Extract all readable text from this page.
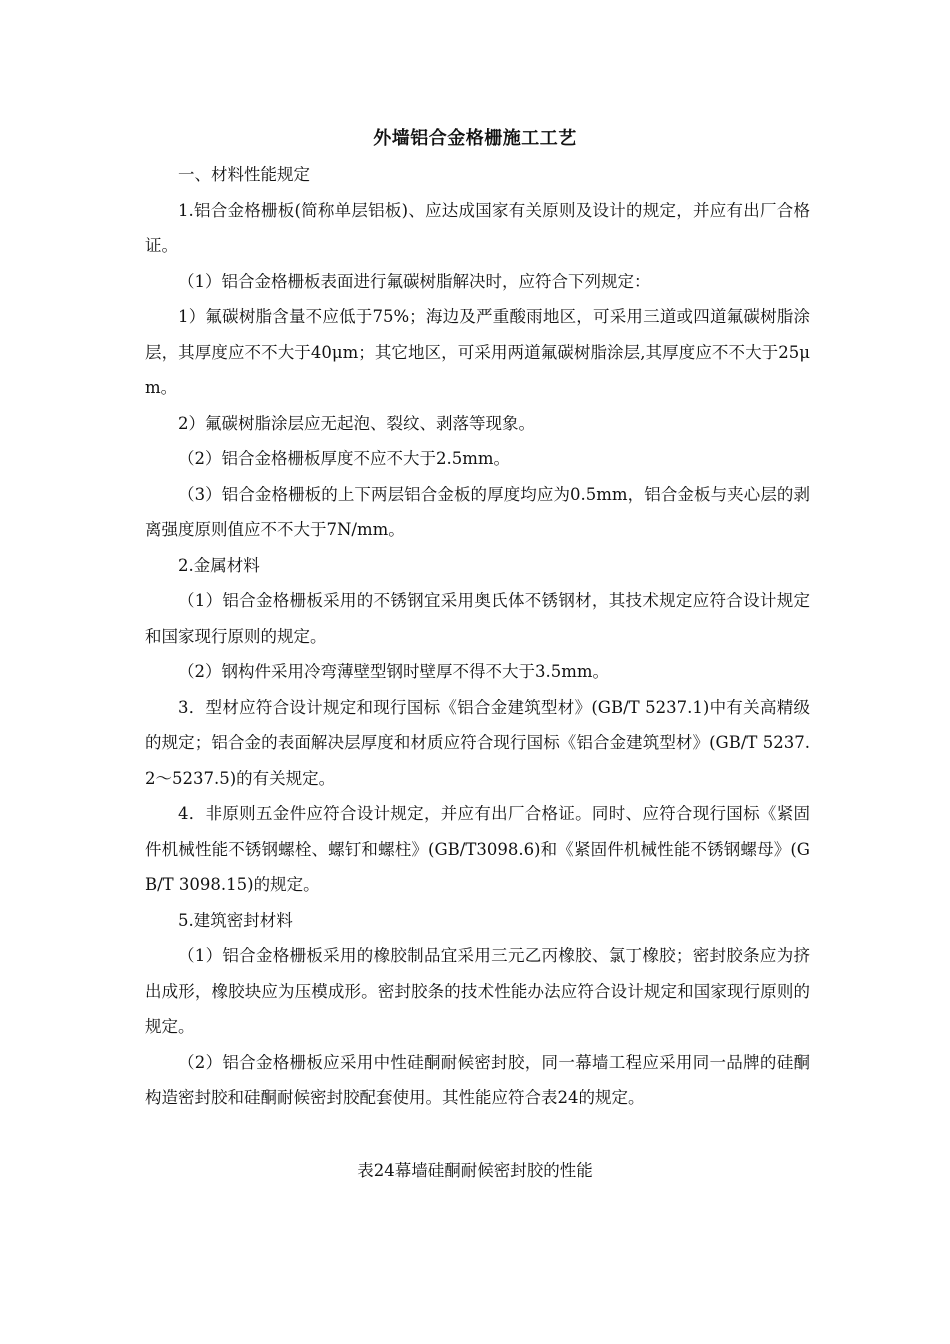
外墙铝合金格栅施工工艺

一、材料性能规定

1.铝合金格栅板(简称单层铝板)、应达成国家有关原则及设计的规定，并应有出厂合格证。

（1）铝合金格栅板表面进行氟碳树脂解决时，应符合下列规定：

1）氟碳树脂含量不应低于75%；海边及严重酸雨地区，可采用三道或四道氟碳树脂涂层，其厚度应不不大于40μm；其它地区，可采用两道氟碳树脂涂层,其厚度应不不大于25μm。

2）氟碳树脂涂层应无起泡、裂纹、剥落等现象。

（2）铝合金格栅板厚度不应不大于2.5mm。

（3）铝合金格栅板的上下两层铝合金板的厚度均应为0.5mm，铝合金板与夹心层的剥离强度原则值应不不大于7N/mm。

2.金属材料

（1）铝合金格栅板采用的不锈钢宜采用奥氏体不锈钢材，其技术规定应符合设计规定和国家现行原则的规定。

（2）钢构件采用冷弯薄壁型钢时壁厚不得不大于3.5mm。

3．型材应符合设计规定和现行国标《铝合金建筑型材》(GB/T 5237.1)中有关高精级的规定；铝合金的表面解决层厚度和材质应符合现行国标《铝合金建筑型材》(GB/T 5237.2～5237.5)的有关规定。

4．非原则五金件应符合设计规定，并应有出厂合格证。同时、应符合现行国标《紧固件机械性能不锈钢螺栓、螺钉和螺柱》(GB/T3098.6)和《紧固件机械性能不锈钢螺母》(GB/T 3098.15)的规定。

5.建筑密封材料

（1）铝合金格栅板采用的橡胶制品宜采用三元乙丙橡胶、氯丁橡胶；密封胶条应为挤出成形，橡胶块应为压模成形。密封胶条的技术性能办法应符合设计规定和国家现行原则的规定。

（2）铝合金格栅板应采用中性硅酮耐候密封胶，同一幕墙工程应采用同一品牌的硅酮构造密封胶和硅酮耐候密封胶配套使用。其性能应符合表24的规定。

表24幕墙硅酮耐候密封胶的性能
